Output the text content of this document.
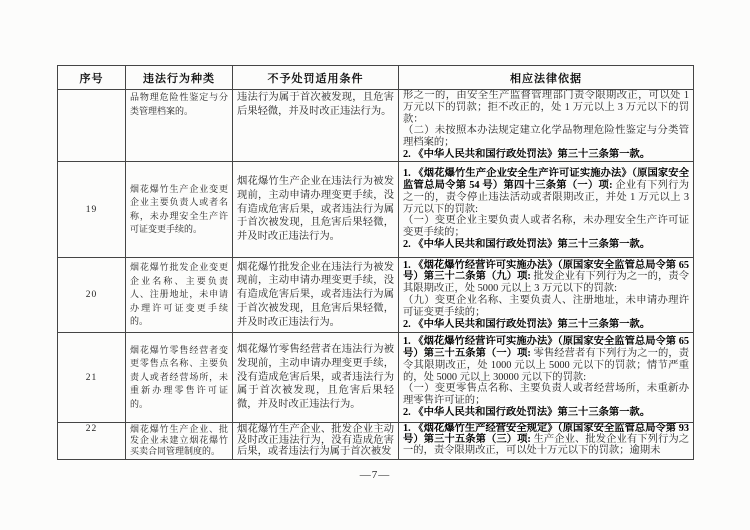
序号	违法行为种类	不予处罚适用条件	相应法律依据
	品物理危险性鉴定与分类管理档案的。	违法行为属于首次被发现，且危害后果轻微，并及时改正违法行为。	形之一的，由安全生产监督管理部门责令限期改正，可以处 1 万元以下的罚款；拒不改正的，处 1 万元以上 3 万元以下的罚款：
（二）未按照本办法规定建立化学品物理危险性鉴定与分类管理档案的；
2. 《中华人民共和国行政处罚法》第三十三条第一款。

19	烟花爆竹生产企业变更企业主要负责人或者名称，未办理安全生产许可证变更手续的。	烟花爆竹生产企业在违法行为被发现前，主动申请办理变更手续，没有造成危害后果，或者违法行为属于首次被发现，且危害后果轻微，并及时改正违法行为。	1. 《烟花爆竹生产企业安全生产许可证实施办法》（原国家安全监管总局令第 54 号）第四十三条第（一）项: 企业有下列行为之一的，责令停止违法活动或者限期改正，并处 1 万元以上 3 万元以下的罚款:
（一）变更企业主要负责人或者名称，未办理安全生产许可证变更手续的；
2. 《中华人民共和国行政处罚法》第三十三条第一款。

20	烟花爆竹批发企业变更企业名称、主要负责人、注册地址，未申请办理许可证变更手续的。	烟花爆竹批发企业在违法行为被发现前，主动申请办理变更手续，没有造成危害后果，或者违法行为属于首次被发现，且危害后果轻微，并及时改正违法行为。	1. 《烟花爆竹经营许可实施办法》（原国家安全监管总局令第 65 号）第三十二条第（九）项: 批发企业有下列行为之一的，责令其限期改正，处 5000 元以上 3 万元以下的罚款:
（九）变更企业名称、主要负责人、注册地址，未申请办理许可证变更手续的；
2. 《中华人民共和国行政处罚法》第三十三条第一款。

21	烟花爆竹零售经营者变更零售点名称、主要负责人或者经营场所，未重新办理零售许可证的。	烟花爆竹零售经营者在违法行为被发现前，主动申请办理变更手续，没有造成危害后果，或者违法行为属于首次被发现，且危害后果轻微，并及时改正违法行为。	1. 《烟花爆竹经营许可实施办法》（原国家安全监管总局令第 65 号）第三十五条第（一）项: 零售经营者有下列行为之一的，责令其限期改正，处 1000 元以上 5000 元以下的罚款；情节严重的，处 5000 元以上 30000 元以下的罚款:
（一）变更零售点名称、主要负责人或者经营场所，未重新办理零售许可证的；
2. 《中华人民共和国行政处罚法》第三十三条第一款。

22	烟花爆竹生产企业、批发企业未建立烟花爆竹买卖合同管理制度的。	烟花爆竹生产企业、批发企业主动及时改正违法行为，没有造成危害后果，或者违法行为属于首次被发	1. 《烟花爆竹生产经营安全规定》（原国家安全监管总局令第 93 号）第三十五条第（三）项: 生产企业、批发企业有下列行为之一的，责令限期改正，可以处十万元以下的罚款；逾期未
—7—
